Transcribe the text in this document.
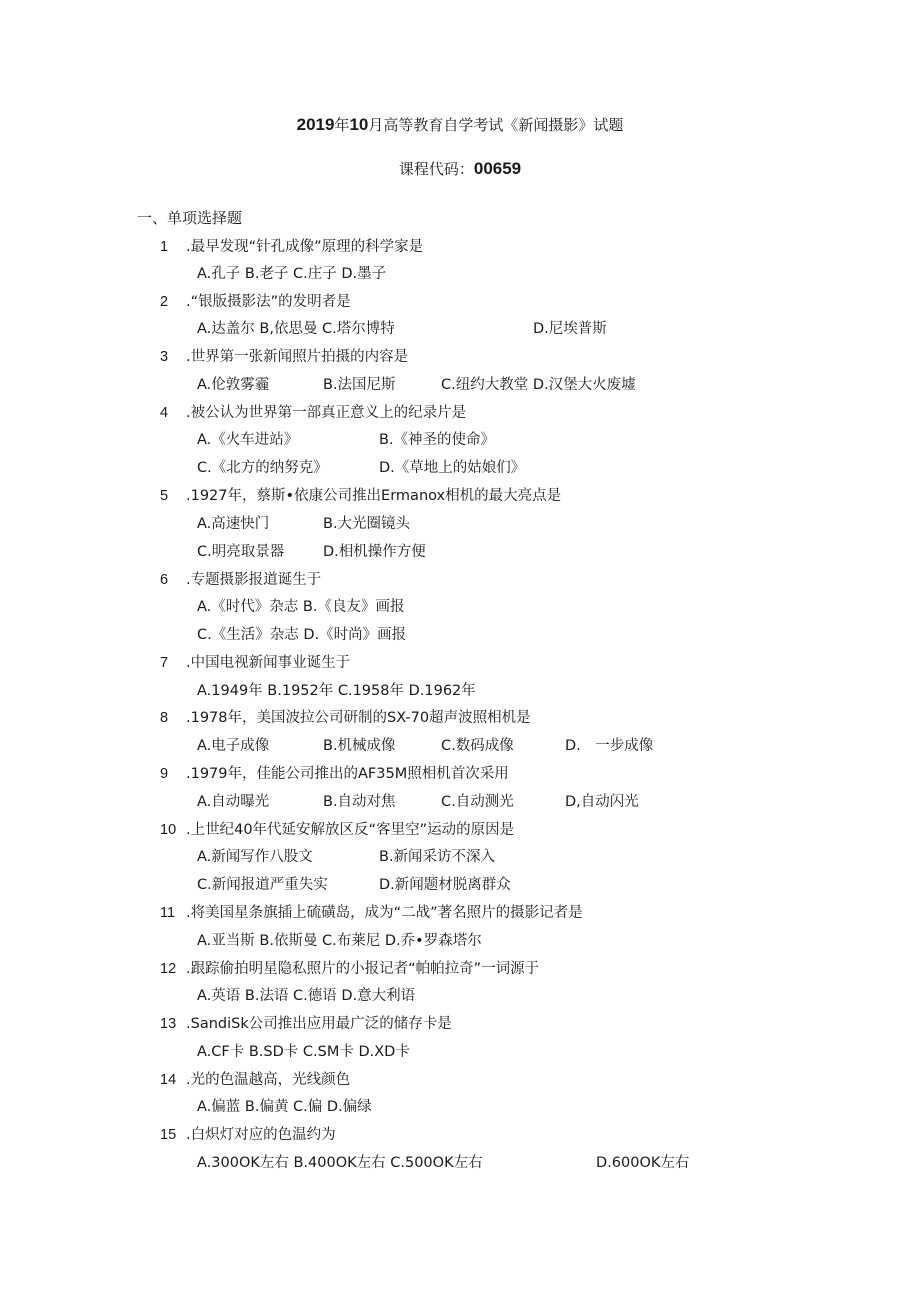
2019年10月高等教育自学考试《新闻摄影》试题
课程代码：00659
一、单项选择题
1 .最早发现“针孔成像”原理的科学家是
A.孔子 B.老子 C.庄子 D.墨子
2 .“银版摄影法”的发明者是
A.达盖尔 B,依思曼 C.塔尔博特	D.尼埃普斯
3 .世界第一张新闻照片拍摄的内容是
A.伦敦雾霾	B.法国尼斯	C.纽约大教堂 D.汉堡大火废墟
4 .被公认为世界第一部真正意义上的纪录片是
A.《火车进站》	B.《神圣的使命》
C.《北方的纳努克》	D.《草地上的姑娘们》
5 .1927年，蔡斯•依康公司推出Ermanox相机的最大亮点是
A.高速快门	B.大光圈镜头
C.明亮取景器	D.相机操作方便
6 .专题摄影报道诞生于
A.《时代》杂志 B.《良友》画报
C.《生活》杂志 D.《时尚》画报
7 .中国电视新闻事业诞生于
A.1949年 B.1952年 C.1958年 D.1962年
8 .1978年，美国波拉公司研制的SX-70超声波照相机是
A.电子成像	B.机械成像	C.数码成像	D.　一步成像
9 .1979年，佳能公司推出的AF35M照相机首次采用
A.自动曝光	B.自动对焦	C.自动测光	D,自动闪光
10 .上世纪40年代延安解放区反“客里空”运动的原因是
A.新闻写作八股文	B.新闻采访不深入
C.新闻报道严重失实	D.新闻题材脱离群众
11 .将美国星条旗插上硫磺岛，成为“二战”著名照片的摄影记者是
A.亚当斯 B.依斯曼 C.布莱尼 D.乔•罗森塔尔
12 .跟踪偷拍明星隐私照片的小报记者“帕帕拉奇”一词源于
A.英语 B.法语 C.德语 D.意大利语
13 .SandiSk公司推出应用最广泛的储存卡是
A.CF卡 B.SD卡 C.SM卡 D.XD卡
14 .光的色温越高，光线颜色
A.偏蓝 B.偏黄 C.偏 D.偏绿
15 .白炽灯对应的色温约为
A.300OK左右 B.400OK左右 C.500OK左右	D.600OK左右
